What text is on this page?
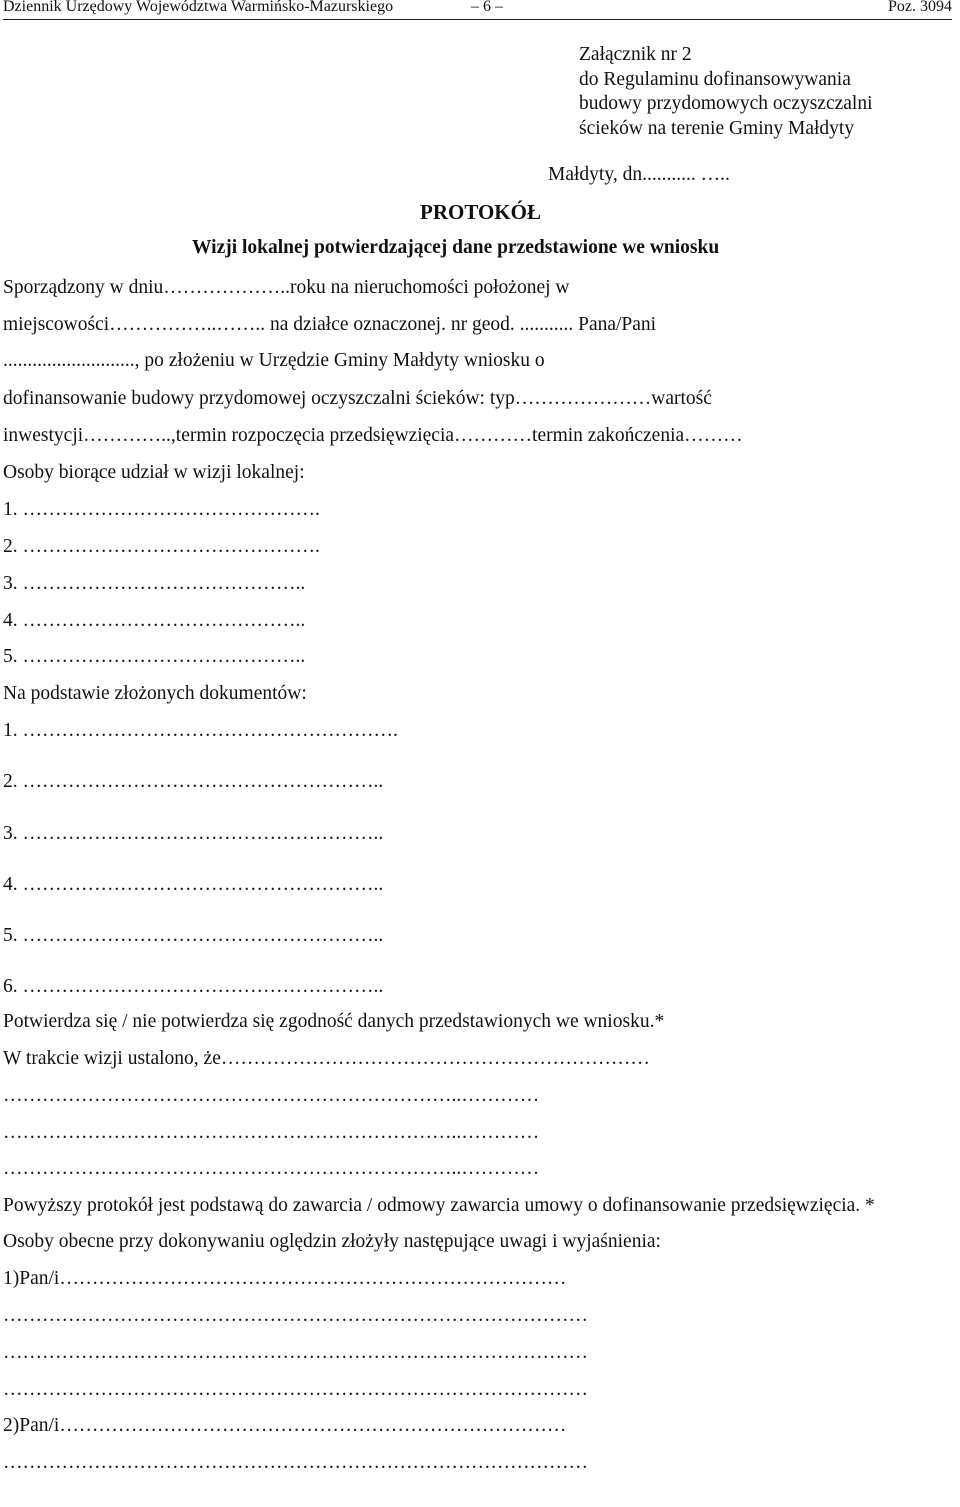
Dziennik Urzędowy Województwa Warmińsko-Mazurskiego	– 6 –	Poz. 3094
Załącznik nr 2
do Regulaminu dofinansowywania
budowy przydomowych oczyszczalni
ścieków na terenie Gminy Małdyty
Małdyty, dn........... …..
PROTOKÓŁ
Wizji lokalnej potwierdzającej dane przedstawione we wniosku
Sporządzony w dniu………………..roku na nieruchomości położonej w
miejscowości……………..…….. na działce oznaczonej. nr geod. ........... Pana/Pani
..........................., po złożeniu w Urzędzie Gminy Małdyty wniosku o
dofinansowanie budowy przydomowej oczyszczalni ścieków: typ…………………wartość
inwestycji…………..,termin rozpoczęcia przedsięwzięcia…………termin zakończenia………
Osoby biorące udział w wizji lokalnej:
1. ……………………………………….
2. ……………………………………….
3. ……………………………………..
4. ……………………………………..
5. ……………………………………..
Na podstawie złożonych dokumentów:
1. ………………………………………………….
2. ………………………………………………..
3. ………………………………………………..
4. ………………………………………………..
5. ………………………………………………..
6. ………………………………………………..
Potwierdza się / nie potwierdza się zgodność danych przedstawionych we wniosku.*
W trakcie wizji ustalono, że…………………………………………………………
……………………………………………………………..…………
……………………………………………………………..…………
……………………………………………………………..…………
Powyższy protokół jest podstawą do zawarcia / odmowy zawarcia umowy o dofinansowanie przedsięwzięcia. *
Osoby obecne przy dokonywaniu oględzin złożyły następujące uwagi i wyjaśnienia:
1)Pan/i……………………………………………………………………
………………………………………………………………………………
………………………………………………………………………………
………………………………………………………………………………
2)Pan/i……………………………………………………………………
………………………………………………………………………………
